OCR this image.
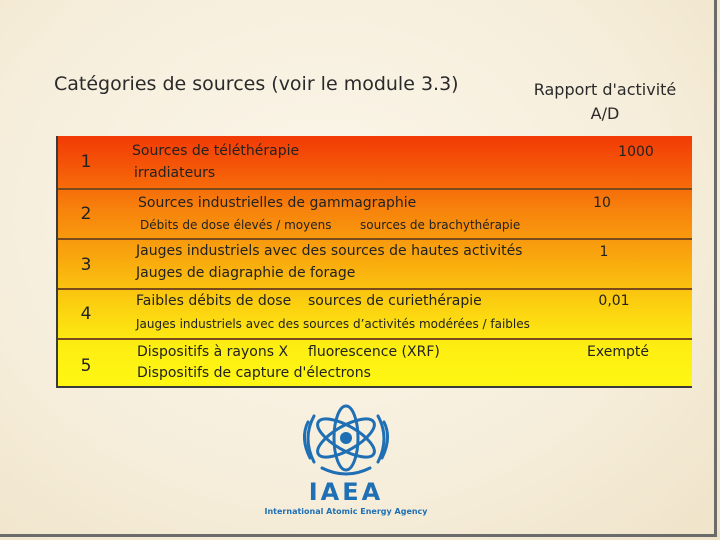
Catégories de sources (voir le module 3.3)	Rapport d'activité
A/D
1
Sources de téléthérapie
irradiateurs
1000
2
Sources industrielles de gammagraphie
Débits de dose élevés / moyens sources de brachythérapie
10
3
Jauges industriels avec des sources de hautes activités
Jauges de diagraphie de forage
1
4
Faibles débits de dose sources de curiethérapie
Jauges industriels avec des sources d’activités modérées / faibles
0,01
5
Dispositifs à rayons X fluorescence (XRF)
Dispositifs de capture d'électrons
Exempté
IAEA
International Atomic Energy Agency
